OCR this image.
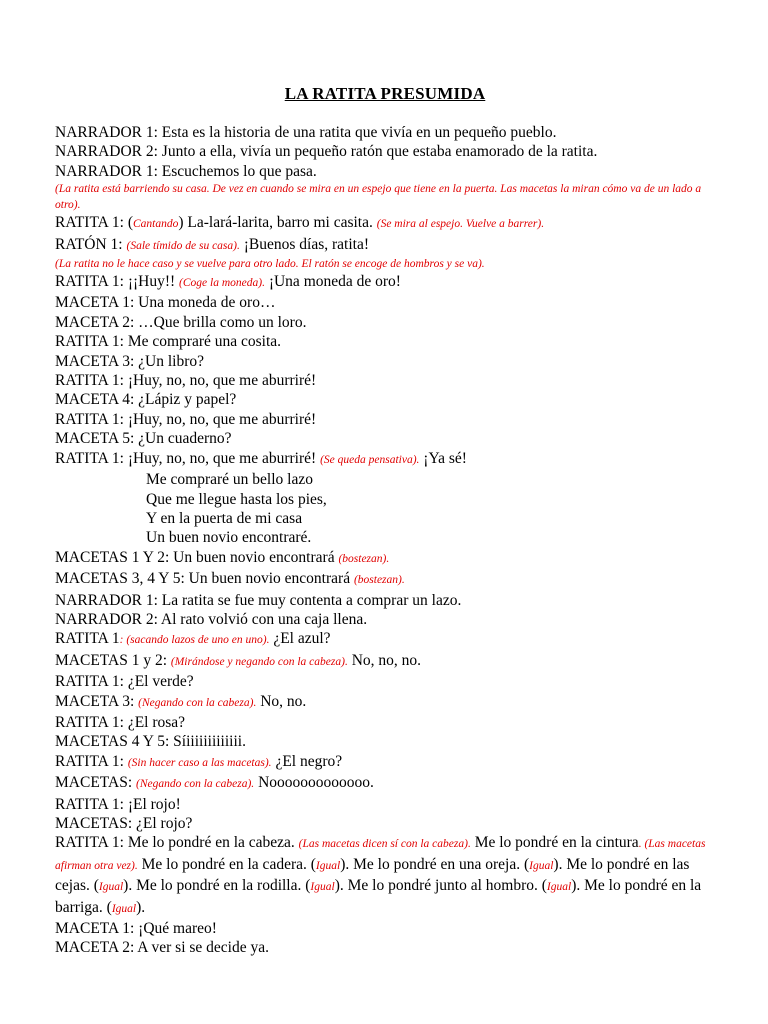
LA RATITA PRESUMIDA
NARRADOR 1: Esta es la historia de una ratita que vivía en un pequeño pueblo.
NARRADOR 2: Junto a ella, vivía un pequeño ratón que estaba enamorado de la ratita.
NARRADOR 1: Escuchemos lo que pasa.
(La ratita está barriendo su casa. De vez en cuando se mira en un espejo que tiene en la puerta. Las macetas la miran cómo va de un lado a otro).
RATITA 1: (Cantando) La-lará-larita, barro mi casita. (Se mira al espejo. Vuelve a barrer).
RATÓN 1: (Sale tímido de su casa). ¡Buenos días, ratita!
(La ratita no le hace caso y se vuelve para otro lado. El ratón se encoge de hombros y se va).
RATITA 1: ¡¡Huy!! (Coge la moneda). ¡Una moneda de oro!
MACETA 1: Una moneda de oro…
MACETA 2: …Que brilla como un loro.
RATITA 1: Me compraré una cosita.
MACETA 3: ¿Un libro?
RATITA 1: ¡Huy, no, no, que me aburriré!
MACETA 4: ¿Lápiz y papel?
RATITA 1: ¡Huy, no, no, que me aburriré!
MACETA 5: ¿Un cuaderno?
RATITA 1: ¡Huy, no, no, que me aburriré! (Se queda pensativa). ¡Ya sé!
Me compraré un bello lazo
Que me llegue hasta los pies,
Y en la puerta de mi casa
Un buen novio encontraré.
MACETAS 1 Y 2: Un buen novio encontrará (bostezan).
MACETAS 3, 4 Y 5: Un buen novio encontrará (bostezan).
NARRADOR 1: La ratita se fue muy contenta a comprar un lazo.
NARRADOR 2: Al rato volvió con una caja llena.
RATITA 1: (sacando lazos de uno en uno). ¿El azul?
MACETAS 1 y 2: (Mirándose y negando con la cabeza). No, no, no.
RATITA 1: ¿El verde?
MACETA 3: (Negando con la cabeza). No, no.
RATITA 1: ¿El rosa?
MACETAS 4 Y 5: Síiiiiiiiiiiiii.
RATITA 1: (Sin hacer caso a las macetas). ¿El negro?
MACETAS: (Negando con la cabeza). Nooooooooooooo.
RATITA 1: ¡El rojo!
MACETAS: ¿El rojo?
RATITA 1: Me lo pondré en la cabeza. (Las macetas dicen sí con la cabeza). Me lo pondré en la cintura. (Las macetas afirman otra vez). Me lo pondré en la cadera. (Igual). Me lo pondré en una oreja. (Igual). Me lo pondré en las cejas. (Igual). Me lo pondré en la rodilla. (Igual). Me lo pondré junto al hombro. (Igual). Me lo pondré en la barriga. (Igual).
MACETA 1: ¡Qué mareo!
MACETA 2: A ver si se decide ya.
